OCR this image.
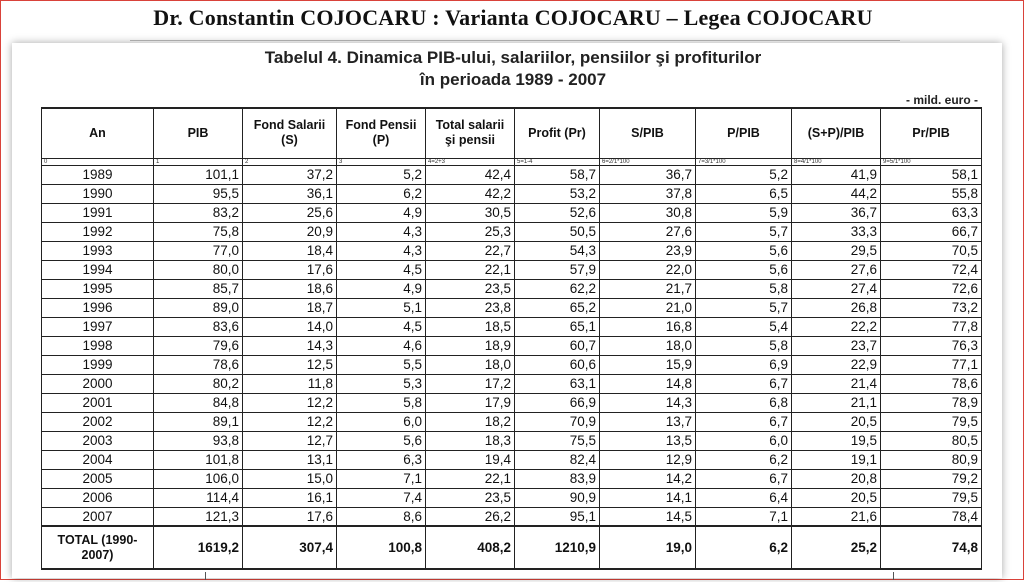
Dr. Constantin COJOCARU : Varianta COJOCARU – Legea COJOCARU
Tabelul 4. Dinamica PIB-ului, salariilor, pensiilor şi profiturilor
în perioada 1989 - 2007
- mild. euro -
An	PIB	Fond Salarii (S)	Fond Pensii (P)	Total salarii şi pensii	Profit (Pr)	S/PIB	P/PIB	(S+P)/PIB	Pr/PIB
0	1	2	3	4=2+3	5=1-4	6=2/1*100	7=3/1*100	8=4/1*100	9=5/1*100
1989	101,1	37,2	5,2	42,4	58,7	36,7	5,2	41,9	58,1
1990	95,5	36,1	6,2	42,2	53,2	37,8	6,5	44,2	55,8
1991	83,2	25,6	4,9	30,5	52,6	30,8	5,9	36,7	63,3
1992	75,8	20,9	4,3	25,3	50,5	27,6	5,7	33,3	66,7
1993	77,0	18,4	4,3	22,7	54,3	23,9	5,6	29,5	70,5
1994	80,0	17,6	4,5	22,1	57,9	22,0	5,6	27,6	72,4
1995	85,7	18,6	4,9	23,5	62,2	21,7	5,8	27,4	72,6
1996	89,0	18,7	5,1	23,8	65,2	21,0	5,7	26,8	73,2
1997	83,6	14,0	4,5	18,5	65,1	16,8	5,4	22,2	77,8
1998	79,6	14,3	4,6	18,9	60,7	18,0	5,8	23,7	76,3
1999	78,6	12,5	5,5	18,0	60,6	15,9	6,9	22,9	77,1
2000	80,2	11,8	5,3	17,2	63,1	14,8	6,7	21,4	78,6
2001	84,8	12,2	5,8	17,9	66,9	14,3	6,8	21,1	78,9
2002	89,1	12,2	6,0	18,2	70,9	13,7	6,7	20,5	79,5
2003	93,8	12,7	5,6	18,3	75,5	13,5	6,0	19,5	80,5
2004	101,8	13,1	6,3	19,4	82,4	12,9	6,2	19,1	80,9
2005	106,0	15,0	7,1	22,1	83,9	14,2	6,7	20,8	79,2
2006	114,4	16,1	7,4	23,5	90,9	14,1	6,4	20,5	79,5
2007	121,3	17,6	8,6	26,2	95,1	14,5	7,1	21,6	78,4
TOTAL (1990-2007)	1619,2	307,4	100,8	408,2	1210,9	19,0	6,2	25,2	74,8
